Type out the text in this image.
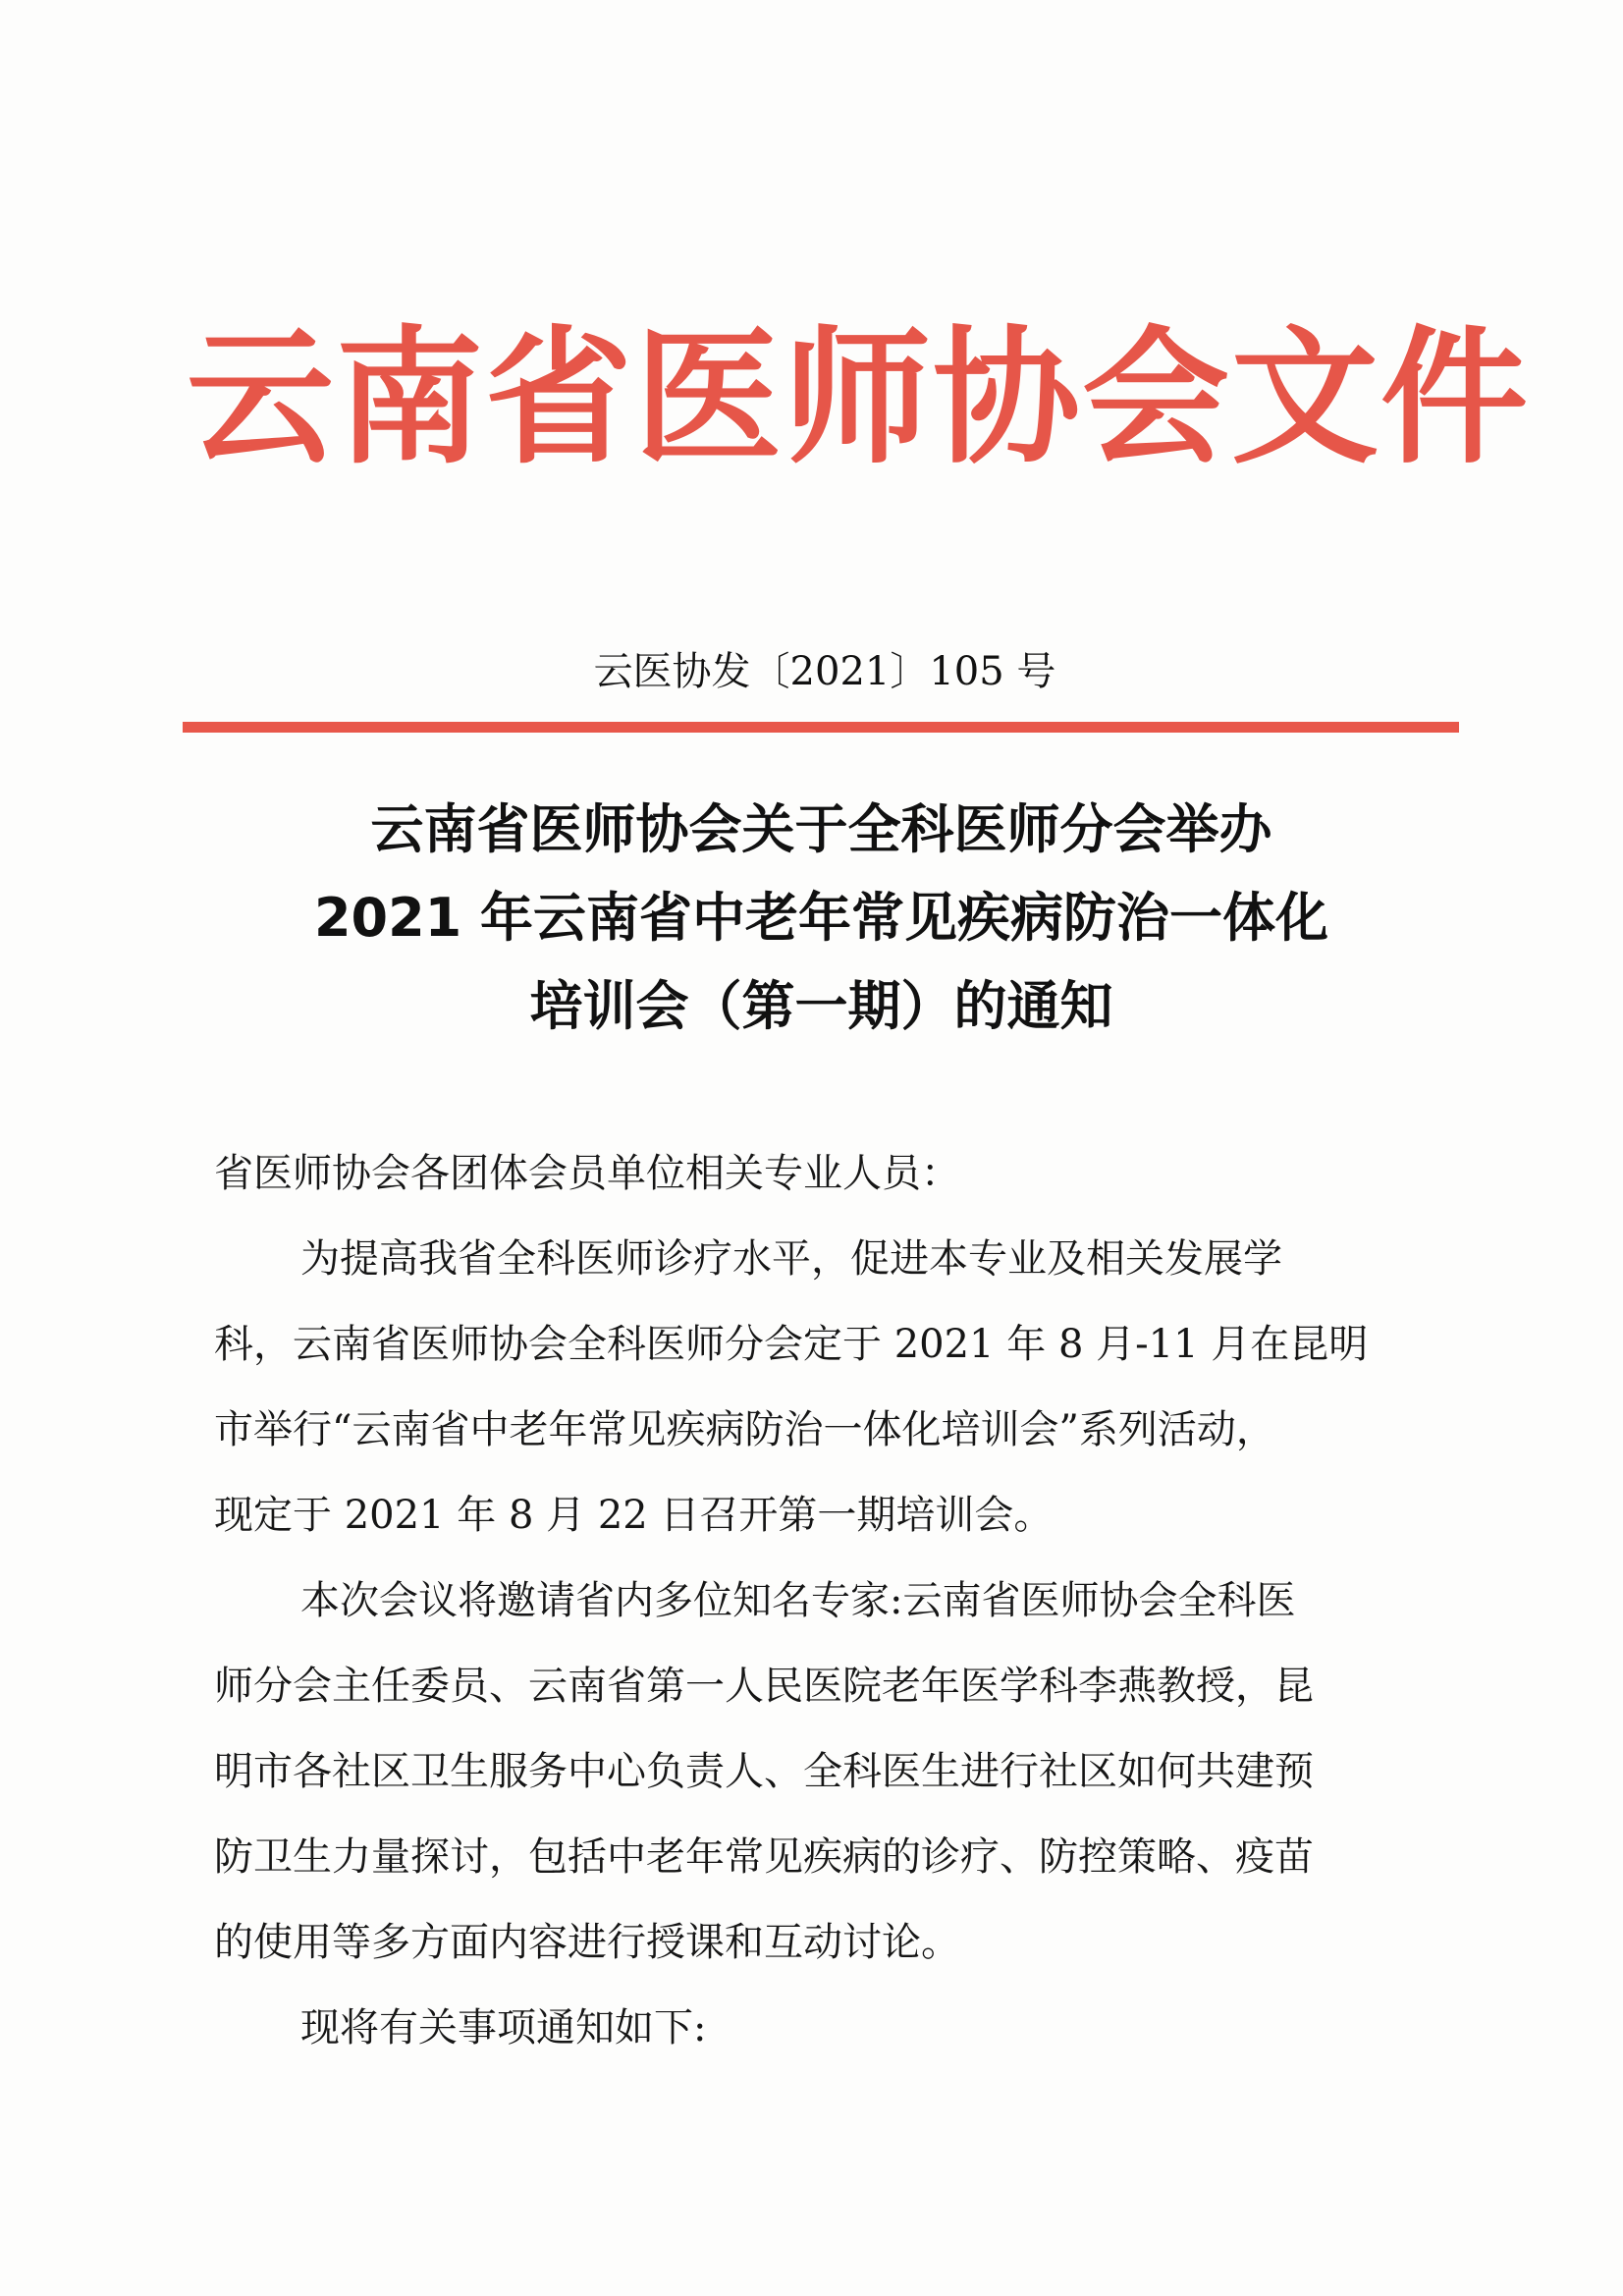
云南省医师协会文件
云医协发〔2021〕105 号
云南省医师协会关于全科医师分会举办
2021 年云南省中老年常见疾病防治一体化
培训会（第一期）的通知
省医师协会各团体会员单位相关专业人员：
为提高我省全科医师诊疗水平，促进本专业及相关发展学
科，云南省医师协会全科医师分会定于 2021 年 8 月-11 月在昆明
市举行“云南省中老年常见疾病防治一体化培训会”系列活动，
现定于 2021 年 8 月 22 日召开第一期培训会。
本次会议将邀请省内多位知名专家:云南省医师协会全科医
师分会主任委员、云南省第一人民医院老年医学科李燕教授，昆
明市各社区卫生服务中心负责人、全科医生进行社区如何共建预
防卫生力量探讨，包括中老年常见疾病的诊疗、防控策略、疫苗
的使用等多方面内容进行授课和互动讨论。
现将有关事项通知如下:
